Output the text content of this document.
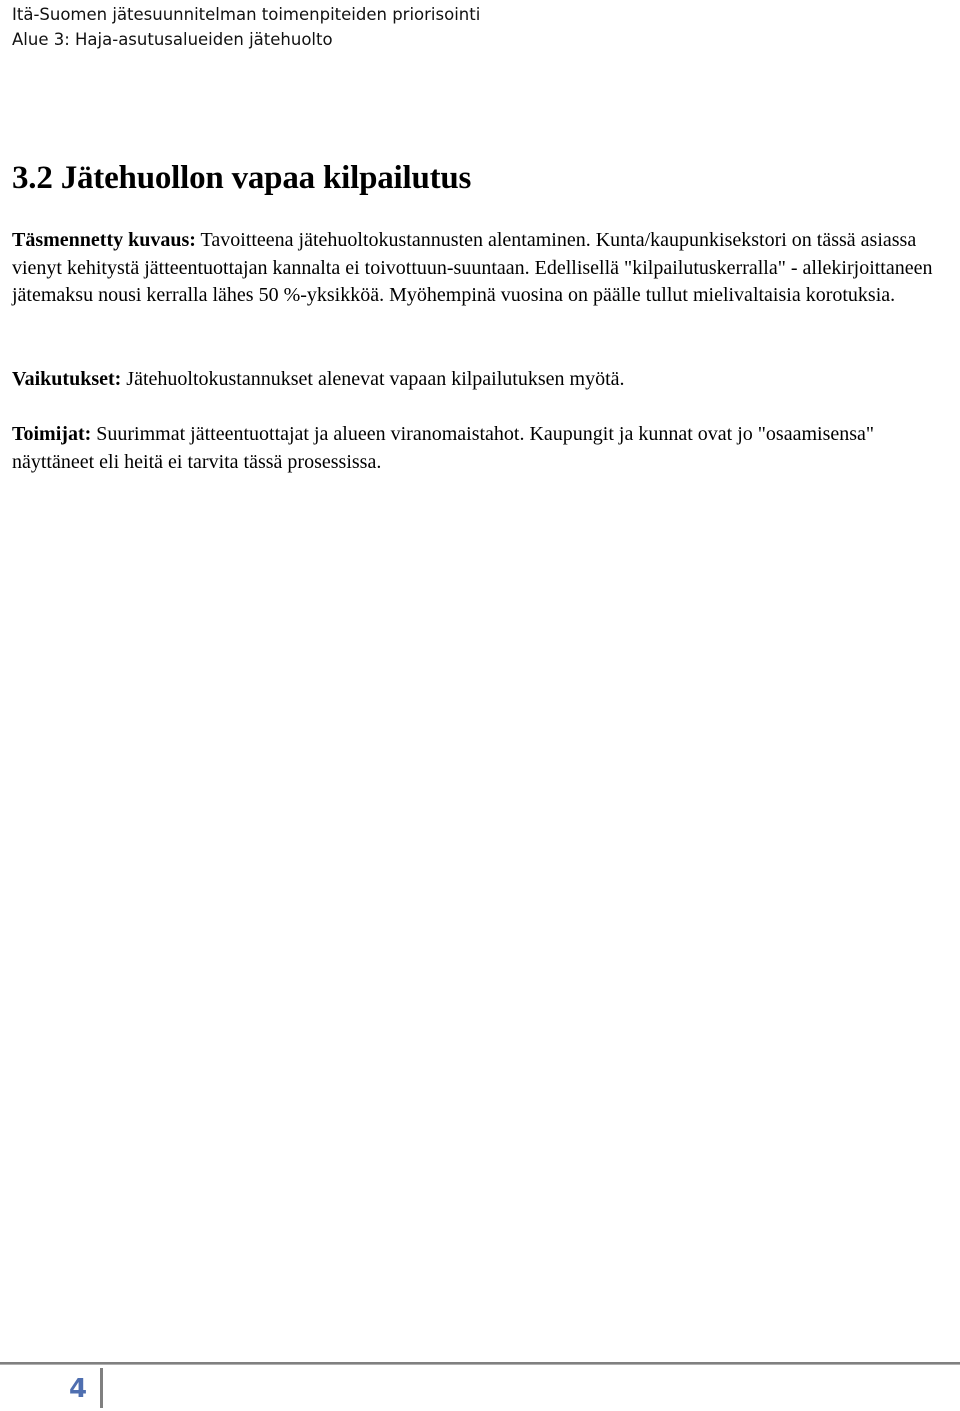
Itä-Suomen jätesuunnitelman toimenpiteiden priorisointi
Alue 3: Haja-asutusalueiden jätehuolto
3.2 Jätehuollon vapaa kilpailutus

Täsmennetty kuvaus: Tavoitteena jätehuoltokustannusten alentaminen. Kunta/kaupunkisekstori on tässä asiassa vienyt kehitystä jätteentuottajan kannalta ei toivottuun-suuntaan. Edellisellä "kilpailutuskerralla" - allekirjoittaneen jätemaksu nousi kerralla lähes 50 %-yksikköä. Myöhempinä vuosina on päälle tullut mielivaltaisia korotuksia.

Vaikutukset: Jätehuoltokustannukset alenevat vapaan kilpailutuksen myötä.

Toimijat: Suurimmat jätteentuottajat ja alueen viranomaistahot. Kaupungit ja kunnat ovat jo "osaamisensa" näyttäneet eli heitä ei tarvita tässä prosessissa.

4
